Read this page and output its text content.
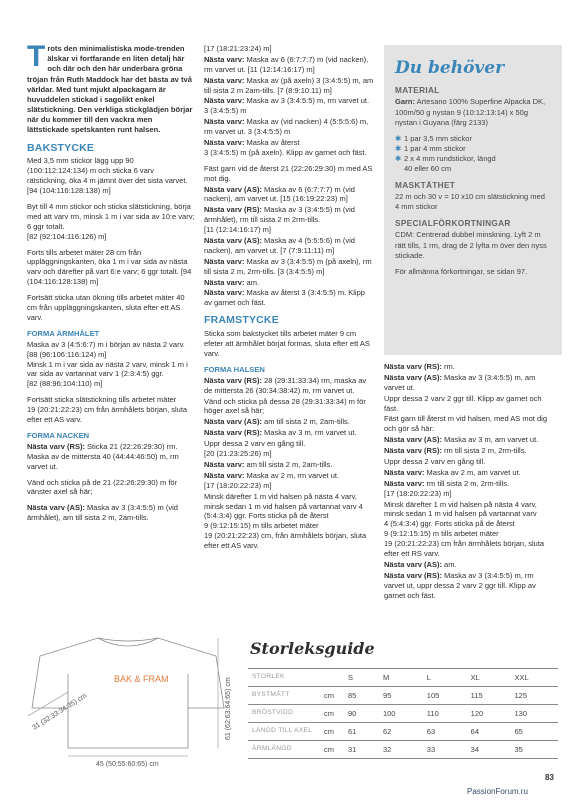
Trots den minimalistiska mode-trenden älskar vi fortfarande en liten detalj här och där och den här underbara gröna tröjan från Ruth Maddock har det bästa av två världar. Med tunt mjukt alpackagarn är huvuddelen stickad i sagolikt enkel slätstickning. Den verkliga stickglädjen börjar när du kommer till den vackra men lättstickade spetskanten runt halsen.

BAKSTYCKE

Med 3,5 mm stickor lägg upp 90 (100:112:124:134) m och sticka 6 varv rätstickning, öka 4 m jämnt över det sista varvet.
[94 (104:116:128:138) m]

Byt till 4 mm stickor och sticka slätstickning, börja med att varv rm, minsk 1 m i var sida av 10:e varv; 6 ggr totalt.
[82 (92:104:116:126) m]

Forts tills arbetet mäter 28 cm från uppläggningskanten, öka 1 m i var sida av nästa varv och därefter på vart 6:e varv; 6 ggr totalt. [94 (104:116:128:138) m]

Fortsätt sticka utan ökning tills arbetet mäter 40 cm från uppläggningskanten, sluta efter ett AS varv.

FORMA ÄRMHÅLET

Maska av 3 (4:5:6:7) m i början av nästa 2 varv. [88 (96:106:116:124) m]
Minsk 1 m i var sida av nästa 2 varv, minsk 1 m i var sida av vartannat varv 1 (2:3:4:5) ggr.
[82 (88:96:104:110) m]

Fortsätt sticka slätstickning tills arbetet mäter
19 (20:21:22:23) cm från ärmhålets början, sluta efter ett AS varv.

FORMA NACKEN

Nästa varv (RS): Sticka 21 (22:26:29:30) rm. Maska av de mittersta 40 (44:44:46:50) m, rm varvet ut.

Vänd och sticka på de 21 (22:26:29:30) m för vänster axel så här;

Nästa varv (AS): Maska av 3 (3:4:5:5) m (vid ärmhålet), am till sista 2 m, 2am-tills.

[17 (18:21:23:24) m]

Nästa varv: Maska av 6 (6:7:7:7) m (vid nacken),
rm varvet ut. [11 (12:14:16:17) m]

Nästa varv: Maska av (på axeln) 3 (3:4:5:5) m, am till sista 2 m 2am-tills. [7 (8:9:10:11) m]

Nästa varv: Maska av 3 (3:4:5:5) m, rm varvet ut. 3 (3:4:5:5) m

Nästa varv: Maska av (vid nacken) 4 (5:5:5:6) m, rm varvet ut. 3 (3:4:5:5) m

Nästa varv: Maska av återst
3 (3:4:5:5) m (på axeln). Klipp av garnet och fäst.

Fäst garn vid de återst 21 (22:26:29:30) m med AS mot dig.

Nästa varv (AS): Maska av 6 (6:7:7:7) m (vid nacken), am varvet ut. [15 (16:19:22:23) m]

Nästa varv (RS): Maska av 3 (3:4:5:5) m (vid ärmhålet), rm till sista 2 m 2rm-tills.
[11 (12:14:16:17) m]

Nästa varv (AS): Maska av 4 (5:5:5:6) m (vid nacken), am varvet ut. [7 (7:9:11:11) m]

Nästa varv: Maska av 3 (3:4:5:5) m (på axeln), rm till sista 2 m, 2rm-tills. [3 (3:4:5:5) m]

Nästa varv: am.

Nästa varv: Maska av återst 3 (3:4:5:5) m. Klipp av garnet och fäst.

FRAMSTYCKE

Sticka som bakstycket tills arbetet mäter 9 cm efeter att ärmhålet börjat formas, sluta efter ett AS varv.

FORMA HALSEN

Nästa varv (RS): 28 (29:31:33:34) rm, maska av de mittersta 26 (30:34:38:42) m, rm varvet ut.

Vänd och sticka på dessa 28 (29:31:33:34) m för höger axel så här;

Nästa varv (AS): am till sista 2 m, 2am-tills.

Nästa varv (RS): Maska av 3 m, rm varvet ut.

Uppr dessa 2 varv en gång till.
[20 (21:23:25:26) m]

Nästa varv: am till sista 2 m, 2am-tills.

Nästa varv: Maska av 2 m, rm varvet ut.
[17 (18:20:22:23) m]

Minsk därefter 1 m vid halsen på nästa 4 varv, minsk sedan 1 m vid halsen på vartannat varv 4 (5:4:3:4) ggr. Forts sticka på de återst
9 (9:12:15:15) m tills arbetet mäter
19 (20:21:22:23) cm, från ärmhålets början, sluta efter ett AS varv.

Du behöver
MATERIAL
Garn: Artesano 100% Superfine Alpacka DK, 100m/50 g nystan 9 (10:12:13:14) x 50g nystan i Guyana (färg 2133)
✱ 1 par 3,5 mm stickor
✱ 1 par 4 mm stickor
✱ 2 x 4 mm rundstickor, längd
40 eller 60 cm
MASKTÄTHET
22 m och 30 v = 10 x10 cm slätstickning med 4 mm stickor
SPECIALFÖRKORTNINGAR
CDM: Centrerad dubbel minskning. Lyft 2 m rätt tills, 1 rm, drag de 2 lyfta m över den nyss stickade.
För allmänna förkortningar, se sidan 97.

Nästa varv (RS): rm.

Nästa varv (AS): Maska av 3 (3:4:5:5) m, am varvet ut.

Uppr dessa 2 varv 2 ggr till. Klipp av garnet och fäst.

Fäst garn till återst m vid halsen, med AS mot dig och gör så här:

Nästa varv (AS): Maska av 3 m, am varvet ut.

Nästa varv (RS): rm till sista 2 m, 2rm-tills.

Uppr dessa 2 varv en gång till.

Nästa varv: Maska av 2 m, am varvet ut.

Nästa varv: rm till sista 2 m, 2rm-tills.
[17 (18:20:22:23) m]

Minsk därefter 1 m vid halsen på nästa 4 varv, minsk sedan 1 m vid halsen på vartannat varv
4 (5:4:3:4) ggr. Forts sticka på de återst
9 (9:12:15:15) m tills arbetet mäter
19 (20:21:22:23) cm från ärmhålets början, sluta efter ett RS varv.

Nästa varv (AS): am.

Nästa varv (RS): Maska av 3 (3:4:5:5) m, rm varvet ut, uppr dessa 2 varv 2 ggr till. Klipp av garnet och fäst.

BAK & FRAM
45 (50:55:60:65) cm
61 (62:63:64:65) cm
31 (32:33:34:35) cm
Storleksguide
STORLEK		S	M	L	XL	XXL
BYSTMÅTT	cm	85	95	105	115	125
BRÖSTVIDD	cm	90	100	110	120	130
LÄNGD TILL AXEL	cm	61	62	63	64	65
ÄRMLÄNGD	cm	31	32	33	34	35
83
PassionForum.ru
